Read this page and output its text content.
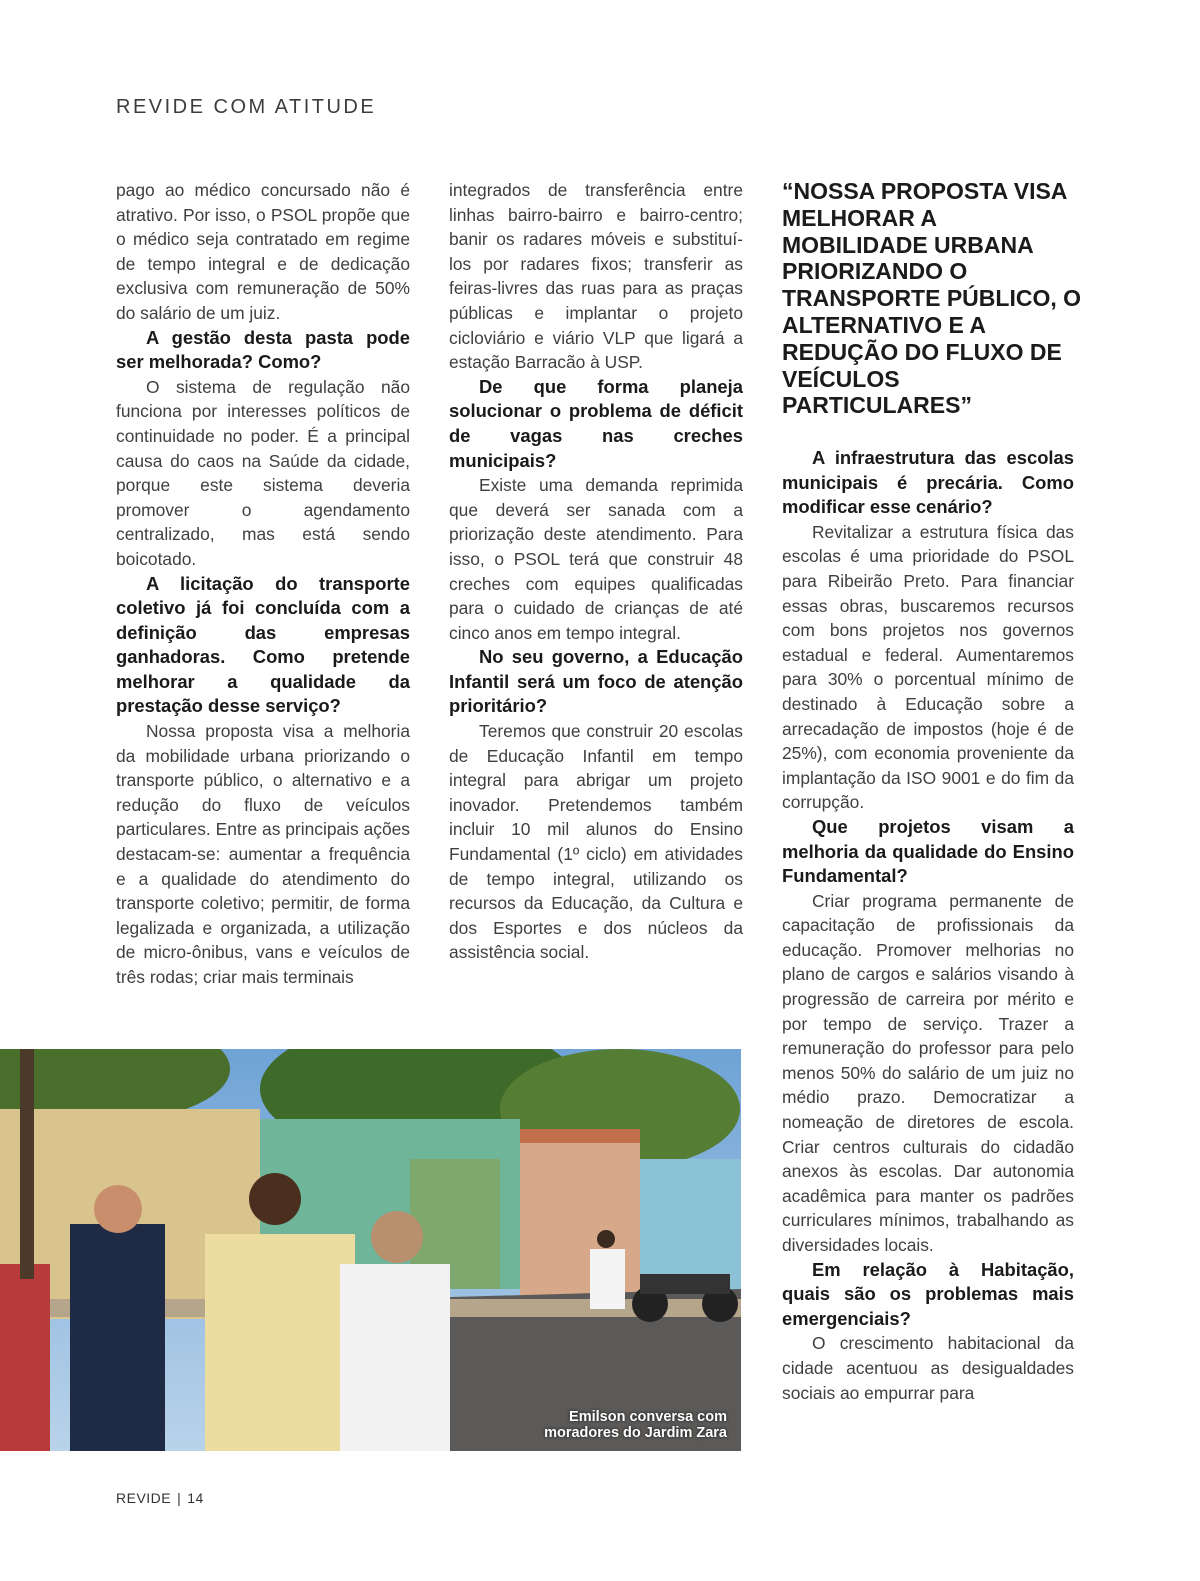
REVIDE COM ATITUDE

pago ao médico concursado não é atrativo. Por isso, o PSOL propõe que o médico seja contratado em regime de tempo integral e de dedicação exclusiva com remuneração de 50% do salário de um juiz.

A gestão desta pasta pode ser melhorada? Como?

O sistema de regulação não funciona por interesses políticos de continuidade no poder. É a principal causa do caos na Saúde da cidade, porque este sistema deveria promover o agendamento centralizado, mas está sendo boicotado.

A licitação do transporte coletivo já foi concluída com a definição das empresas ganhadoras. Como pretende melhorar a qualidade da prestação desse serviço?

Nossa proposta visa a melhoria da mobilidade urbana priorizando o transporte público, o alternativo e a redução do fluxo de veículos particulares. Entre as principais ações destacam-se: aumentar a frequência e a qualidade do atendimento do transporte coletivo; permitir, de forma legalizada e organizada, a utilização de micro-ônibus, vans e veículos de três rodas; criar mais terminais

integrados de transferência entre linhas bairro-bairro e bairro-centro; banir os radares móveis e substituí-los por radares fixos; transferir as feiras-livres das ruas para as praças públicas e implantar o projeto cicloviário e viário VLP que ligará a estação Barracão à USP.

De que forma planeja solucionar o problema de déficit de vagas nas creches municipais?

Existe uma demanda reprimida que deverá ser sanada com a priorização deste atendimento. Para isso, o PSOL terá que construir 48 creches com equipes qualificadas para o cuidado de crianças de até cinco anos em tempo integral.

No seu governo, a Educação Infantil será um foco de atenção prioritário?

Teremos que construir 20 escolas de Educação Infantil em tempo integral para abrigar um projeto inovador. Pretendemos também incluir 10 mil alunos do Ensino Fundamental (1º ciclo) em atividades de tempo integral, utilizando os recursos da Educação, da Cultura e dos Esportes e dos núcleos da assistência social.

“NOSSA PROPOSTA VISA MELHORAR A MOBILIDADE URBANA PRIORIZANDO O TRANSPORTE PÚBLICO, O ALTERNATIVO E A REDUÇÃO DO FLUXO DE VEÍCULOS PARTICULARES”

A infraestrutura das escolas municipais é precária. Como modificar esse cenário?

Revitalizar a estrutura física das escolas é uma prioridade do PSOL para Ribeirão Preto. Para financiar essas obras, buscaremos recursos com bons projetos nos governos estadual e federal. Aumentaremos para 30% o porcentual mínimo de destinado à Educação sobre a arrecadação de impostos (hoje é de 25%), com economia proveniente da implantação da ISO 9001 e do fim da corrupção.

Que projetos visam a melhoria da qualidade do Ensino Fundamental?

Criar programa permanente de capacitação de profissionais da educação. Promover melhorias no plano de cargos e salários visando à progressão de carreira por mérito e por tempo de serviço. Trazer a remuneração do professor para pelo menos 50% do salário de um juiz no médio prazo. Democratizar a nomeação de diretores de escola. Criar centros culturais do cidadão anexos às escolas. Dar autonomia acadêmica para manter os padrões curriculares mínimos, trabalhando as diversidades locais.

Em relação à Habitação, quais são os problemas mais emergenciais?

O crescimento habitacional da cidade acentuou as desigualdades sociais ao empurrar para

Emilson conversa com
moradores do Jardim Zara
REVIDE | 14
